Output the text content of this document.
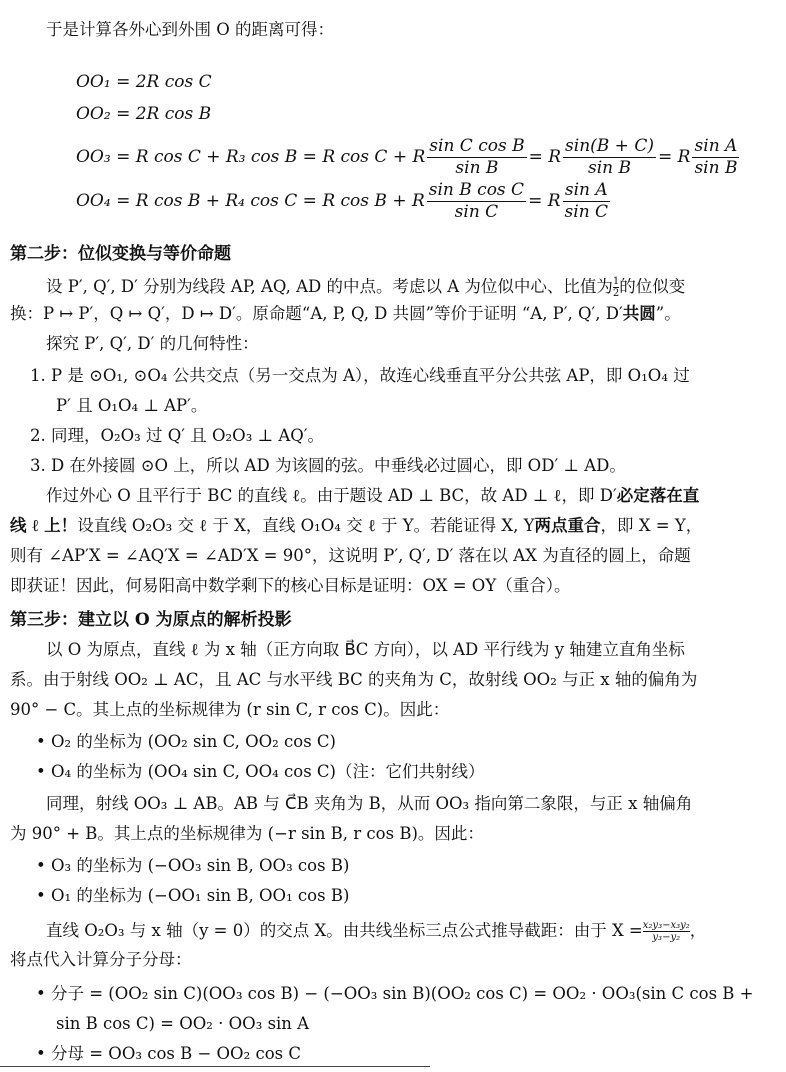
于是计算各外心到外围 O 的距离可得：
OO₁ = 2R cos C
OO₂ = 2R cos B
OO₃ = R cos C + R₃ cos B = R cos C + R $\frac{\text{sin C cos B}}{\text{sin B}} = R \frac{\sin(B + C)}{\text{sin B}} = R \frac{\text{sin A}}{\text{sin B}}$
OO₄ = R cos B + R₄ cos C = R cos B + R $\frac{\text{sin B cos C}}{\text{sin C}} = R \frac{\text{sin A}}{\text{sin C}}$
第二步：位似变换与等价命题
设 P′, Q′, D′ 分别为线段 AP, AQ, AD 的中点。考虑以 A 为位似中心、比值为 $\frac{1}{2}$ 的位似变
换：P ↦ P′，Q ↦ Q′，D ↦ D′。原命题“A, P, Q, D 共圆”等价于证明 “A, P′, Q′, D′共圆”。
探究 P′, Q′, D′ 的几何特性：
1. P 是 ⊙O₁, ⊙O₄ 公共交点（另一交点为 A），故连心线垂直平分公共弦 AP，即 O₁O₄ 过
P′ 且 O₁O₄ ⊥ AP′。
2. 同理，O₂O₃ 过 Q′ 且 O₂O₃ ⊥ AQ′。
3. D 在外接圆 ⊙O 上，所以 AD 为该圆的弦。中垂线必过圆心，即 OD′ ⊥ AD。
作过外心 O 且平行于 BC 的直线 ℓ。由于题设 AD ⊥ BC，故 AD ⊥ ℓ，即 D′必定落在直
线 ℓ 上！设直线 O₂O₃ 交 ℓ 于 X，直线 O₁O₄ 交 ℓ 于 Y。若能证得 X, Y两点重合，即 X = Y，
则有 ∠AP′X = ∠AQ′X = ∠AD′X = 90°，这说明 P′, Q′, D′ 落在以 AX 为直径的圆上，命题
即获证！因此，何易阳高中数学剩下的核心目标是证明：OX = OY（重合）。
第三步：建立以 O 为原点的解析投影
以 O 为原点，直线 ℓ 为 x 轴（正方向取 B⃗C 方向），以 AD 平行线为 y 轴建立直角坐标
系。由于射线 OO₂ ⊥ AC，且 AC 与水平线 BC 的夹角为 C，故射线 OO₂ 与正 x 轴的偏角为
90° − C。其上点的坐标规律为 (r sin C, r cos C)。因此：
• O₂ 的坐标为 (OO₂ sin C, OO₂ cos C)
• O₄ 的坐标为 (OO₄ sin C, OO₄ cos C)（注：它们共射线）
同理，射线 OO₃ ⊥ AB。AB 与 C⃗B 夹角为 B，从而 OO₃ 指向第二象限，与正 x 轴偏角
为 90° + B。其上点的坐标规律为 (−r sin B, r cos B)。因此：
• O₃ 的坐标为 (−OO₃ sin B, OO₃ cos B)
• O₁ 的坐标为 (−OO₁ sin B, OO₁ cos B)
直线 O₂O₃ 与 x 轴（y = 0）的交点 X。由共线坐标三点公式推导截距：由于 $X = \frac{\text{x₂y₃−x₃y₂}}{\text{y₃−y₂}}$ ，
将点代入计算分子分母：
• 分子 = (OO₂ sin C)(OO₃ cos B) − (−OO₃ sin B)(OO₂ cos C) = OO₂ · OO₃(sin C cos B +
sin B cos C) = OO₂ · OO₃ sin A
• 分母 = OO₃ cos B − OO₂ cos C
